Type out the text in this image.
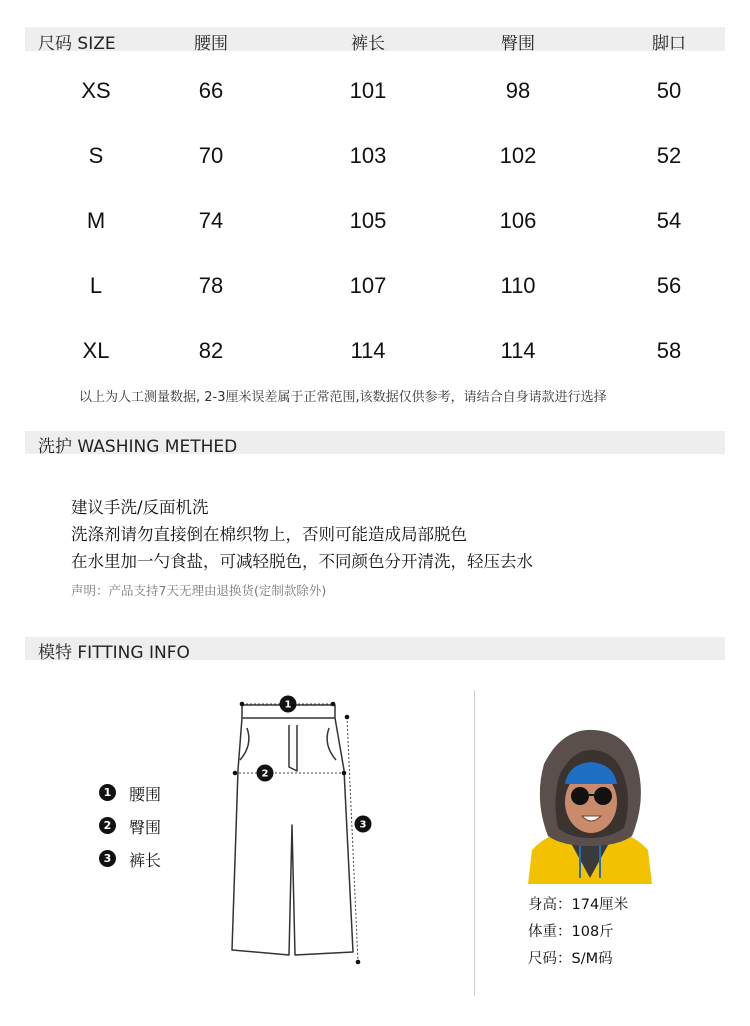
尺码 SIZE	腰围	裤长	臀围	脚口
XS	66	101	98	50
S	70	103	102	52
M	74	105	106	54
L	78	107	110	56
XL	82	114	114	58
以上为人工测量数据, 2-3厘米误差属于正常范围,该数据仅供参考，请结合自身请款进行选择
洗护 WASHING METHED
建议手洗/反面机洗
洗涤剂请勿直接倒在棉织物上，否则可能造成局部脱色
在水里加一勺食盐，可减轻脱色，不同颜色分开清洗，轻压去水
声明：产品支持7天无理由退换货(定制款除外)
模特 FITTING INFO
1 腰围
2 臀围
3 裤长
1
2
3
身高：174厘米
体重：108斤
尺码：S/M码
